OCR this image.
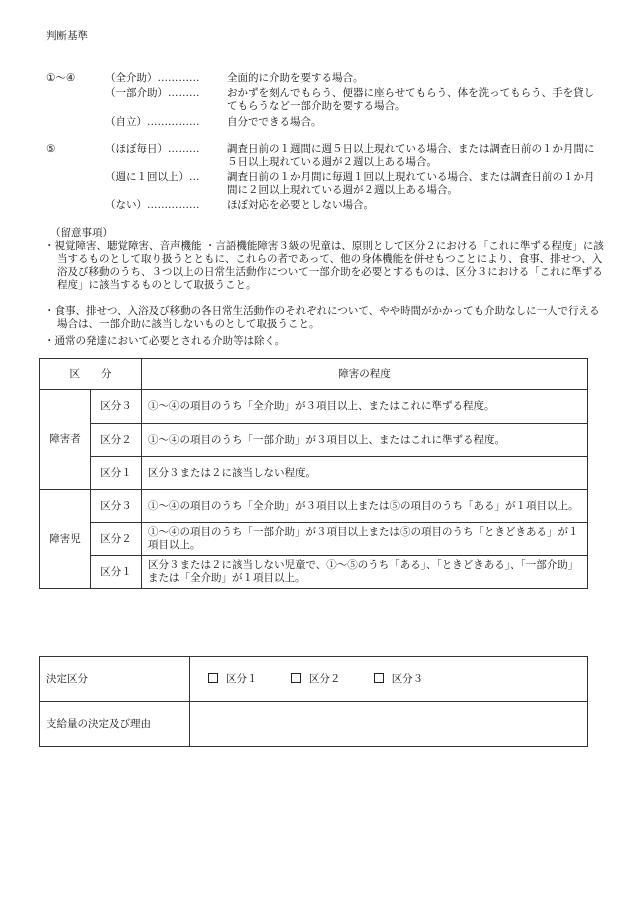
判断基準
①～④	（全介助）…………	全面的に介助を要する場合。
（一部介助）………	おかずを刻んでもらう、便器に座らせてもらう、体を洗ってもらう、手を貸してもらうなど一部介助を要する場合。
（自立）……………	自分でできる場合。
⑤	（ほぼ毎日）………	調査日前の１週間に週５日以上現れている場合、または調査日前の１か月間に５日以上現れている週が２週以上ある場合。
（週に１回以上）…	調査日前の１か月間に毎週１回以上現れている場合、または調査日前の１か月間に２回以上現れている週が２週以上ある場合。
（ない）……………	ほぼ対応を必要としない場合。
（留意事項）
・視覚障害、聴覚障害、音声機能 ・言語機能障害３級の児童は、原則として区分２における「これに準ずる程度」に該当するものとして取り扱うとともに、これらの者であって、他の身体機能を併せもつことにより、食事、排せつ、入浴及び移動のうち、３つ以上の日常生活動作について一部介助を必要とするものは、区分３における「これに準ずる程度」に該当するものとして取扱うこと。
・食事、排せつ、入浴及び移動の各日常生活動作のそれぞれについて、やや時間がかかっても介助なしに一人で行える場合は、一部介助に該当しないものとして取扱うこと。
・通常の発達において必要とされる介助等は除く。
区　　分		障害の程度
障害者	区分３	①～④の項目のうち「全介助」が３項目以上、またはこれに準ずる程度。
	区分２	①～④の項目のうち「一部介助」が３項目以上、またはこれに準ずる程度。
	区分１	区分３または２に該当しない程度。
障害児	区分３	①～④の項目のうち「全介助」が３項目以上または⑤の項目のうち「ある」が１項目以上。
	区分２	①～④の項目のうち「一部介助」が３項目以上または⑤の項目のうち「ときどきある」が１項目以上。
	区分１	区分３または２に該当しない児童で、①～⑤のうち「ある」、「ときどきある」、「一部介助」または「全介助」が１項目以上。
決定区分	区分１ 区分２ 区分３
支給量の決定及び理由	
